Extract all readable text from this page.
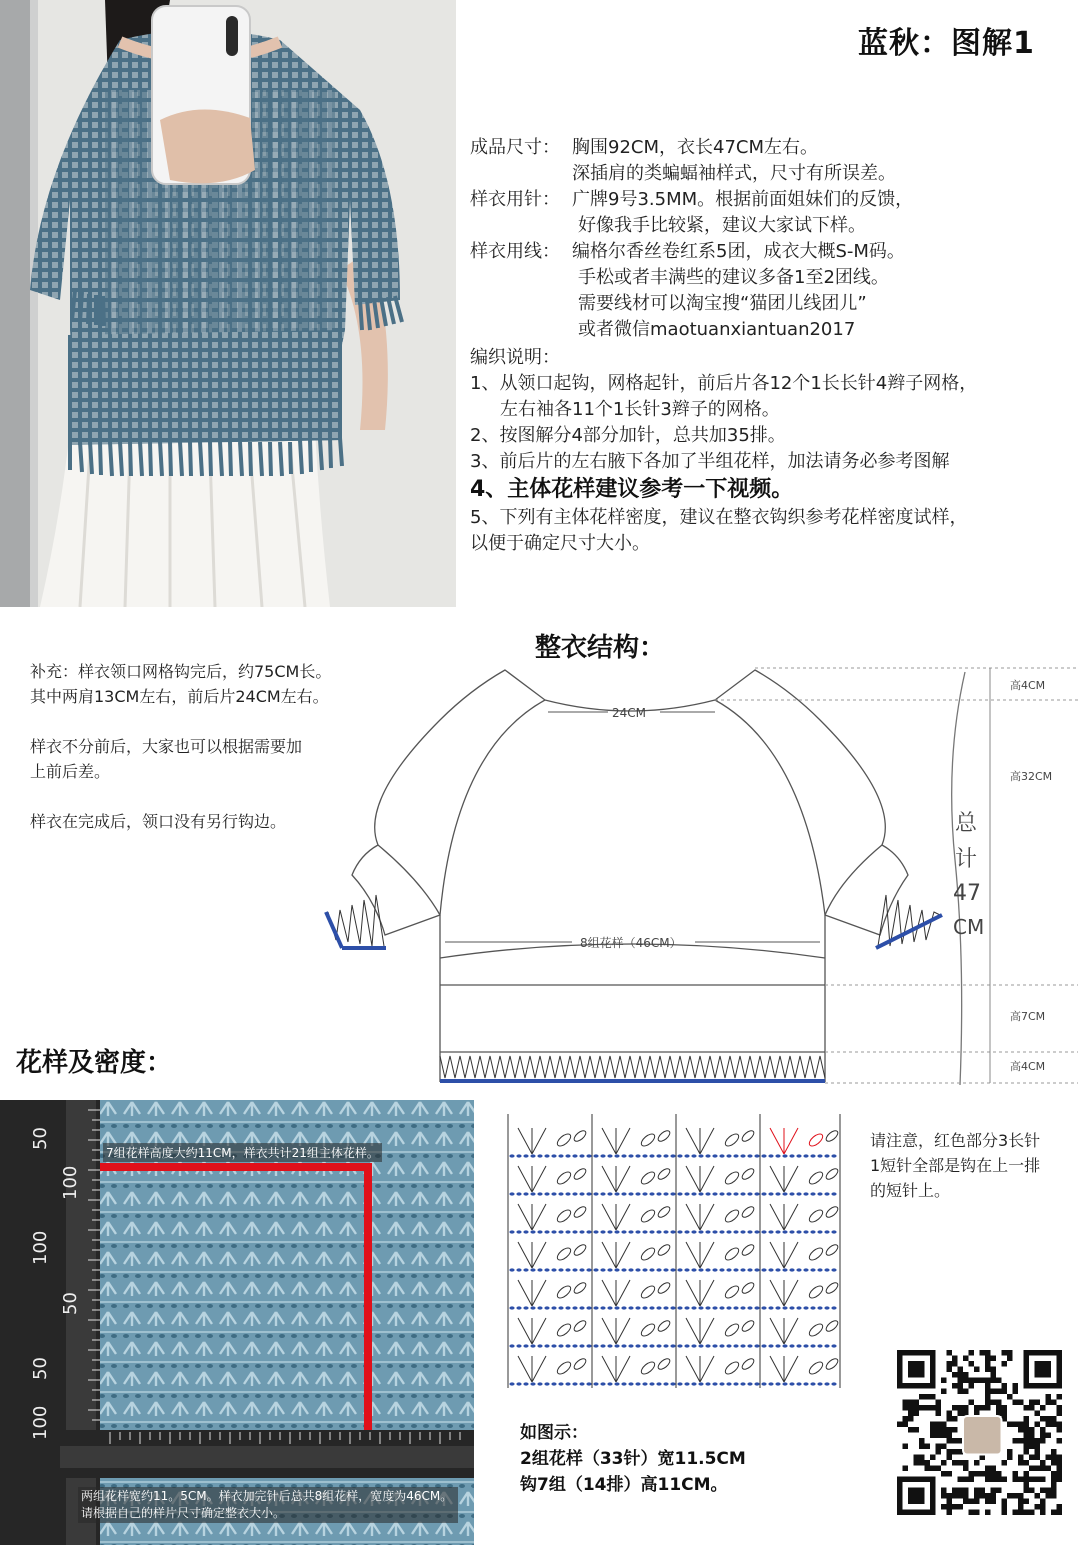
蓝秋：图解1
成品尺寸： 胸围92CM，衣长47CM左右。
深插肩的类蝙蝠袖样式，尺寸有所误差。
样衣用针： 广牌9号3.5MM。根据前面姐妹们的反馈，
好像我手比较紧，建议大家试下样。
样衣用线： 编格尔香丝卷红系5团，成衣大概S-M码。
手松或者丰满些的建议多备1至2团线。
需要线材可以淘宝搜“猫团儿线团儿”
或者微信maotuanxiantuan2017
编织说明：
1、从领口起钩，网格起针，前后片各12个1长长针4辫子网格，
左右袖各11个1长针3辫子的网格。
2、按图解分4部分加针，总共加35排。
3、前后片的左右腋下各加了半组花样，加法请务必参考图解
4、主体花样建议参考一下视频。
5、下列有主体花样密度，建议在整衣钩织参考花样密度试样，
以便于确定尺寸大小。
整衣结构：
补充：样衣领口网格钩完后，约75CM长。
其中两肩13CM左右，前后片24CM左右。
样衣不分前后，大家也可以根据需要加
上前后差。
样衣在完成后，领口没有另行钩边。
24CM
8组花样（46CM）
高4CM
高32CM
高7CM
高4CM
总
计
47
CM
花样及密度：
50
100
100
50
50
100
7组花样高度大约11CM，样衣共计21组主体花样。
两组花样宽约11。5CM。样衣加完针后总共8组花样，宽度为46CM。请根据自己的样片尺寸确定整衣大小。
请注意，红色部分3长针
1短针全部是钩在上一排
的短针上。
如图示：
2组花样（33针）宽11.5CM
钩7组（14排）高11CM。
